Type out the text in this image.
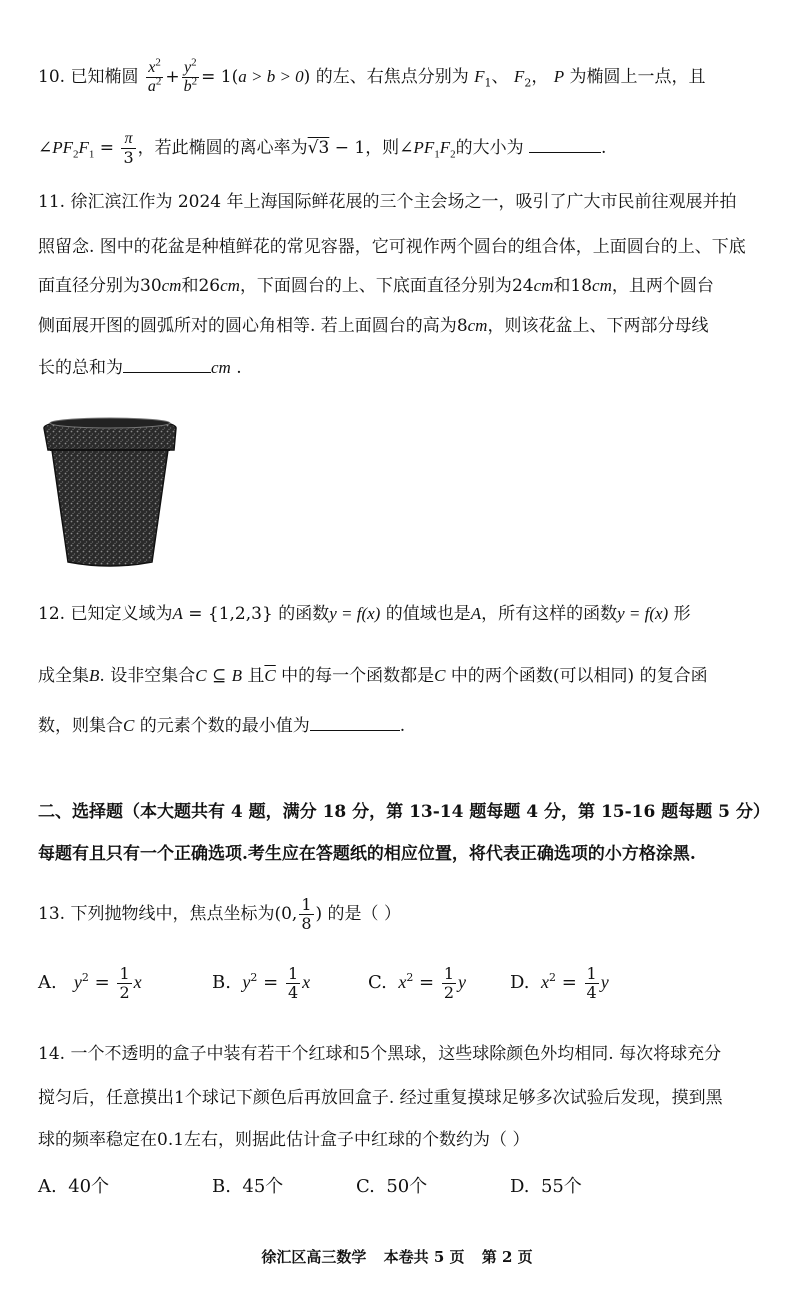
10. 已知椭圆 $\frac{x^2}{a^2} + \frac{y^2}{b^2} = 1(a > b > 0)$ 的左、右焦点分别为 $F_1$、 $F_2$， P 为椭圆上一点，且
$\angle PF_2F_1 = \frac{\pi}{3}$ ，若此椭圆的离心率为√3 − 1，则$\angle PF_1F_2$的大小为	.
11. 徐汇滨江作为 2024 年上海国际鲜花展的三个主会场之一，吸引了广大市民前往观展并拍
照留念. 图中的花盆是种植鲜花的常见容器，它可视作两个圆台的组合体，上面圆台的上、下底
面直径分别为30cm和26cm，下面圆台的上、下底面直径分别为24cm和18cm，且两个圆台
侧面展开图的圆弧所对的圆心角相等. 若上面圆台的高为8cm，则该花盆上、下两部分母线
长的总和为	cm .
12. 已知定义域为A = {1,2,3} 的函数y = f(x) 的值域也是A，所有这样的函数y = f(x) 形
成全集B. 设非空集合C ⊆ B 且$\overline{C}$ 中的每一个函数都是C 中的两个函数(可以相同) 的复合函
数，则集合C 的元素个数的最小值为	.
二、选择题（本大题共有 4 题，满分 18 分，第 13-14 题每题 4 分，第 15-16 题每题 5 分）
每题有且只有一个正确选项.考生应在答题纸的相应位置，将代表正确选项的小方格涂黑.
13. 下列抛物线中，焦点坐标为(0, $\frac{1}{8}$ ) 的是（ ）
A. $y^2 = \frac{1}{2}$ x	B. $y^2 = \frac{1}{4}$ x	C. $x^2 = \frac{1}{2}$ y D. $x^2 = \frac{1}{4}$ y
14. 一个不透明的盒子中装有若干个红球和5个黑球，这些球除颜色外均相同. 每次将球充分
搅匀后，任意摸出1个球记下颜色后再放回盒子. 经过重复摸球足够多次试验后发现，摸到黑
球的频率稳定在0.1左右，则据此估计盒子中红球的个数约为（ ）
A. 40个	B. 45个	C. 50个	D. 55个
徐汇区高三数学 本卷共 5 页 第 2 页
